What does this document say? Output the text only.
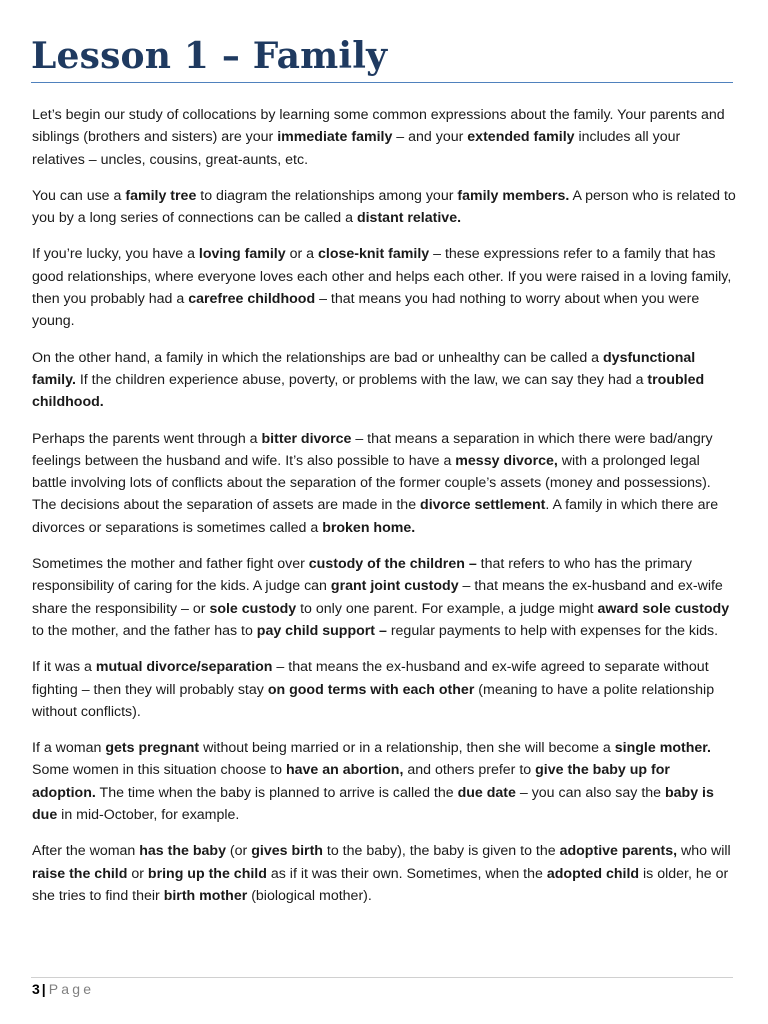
Lesson 1 – Family

Let’s begin our study of collocations by learning some common expressions about the family. Your parents and siblings (brothers and sisters) are your immediate family – and your extended family includes all your relatives – uncles, cousins, great-aunts, etc.

You can use a family tree to diagram the relationships among your family members. A person who is related to you by a long series of connections can be called a distant relative.

If you’re lucky, you have a loving family or a close-knit family – these expressions refer to a family that has good relationships, where everyone loves each other and helps each other. If you were raised in a loving family, then you probably had a carefree childhood – that means you had nothing to worry about when you were young.

On the other hand, a family in which the relationships are bad or unhealthy can be called a dysfunctional family. If the children experience abuse, poverty, or problems with the law, we can say they had a troubled childhood.

Perhaps the parents went through a bitter divorce – that means a separation in which there were bad/angry feelings between the husband and wife. It’s also possible to have a messy divorce, with a prolonged legal battle involving lots of conflicts about the separation of the former couple’s assets (money and possessions). The decisions about the separation of assets are made in the divorce settlement. A family in which there are divorces or separations is sometimes called a broken home.

Sometimes the mother and father fight over custody of the children – that refers to who has the primary responsibility of caring for the kids. A judge can grant joint custody – that means the ex-husband and ex-wife share the responsibility – or sole custody to only one parent. For example, a judge might award sole custody to the mother, and the father has to pay child support – regular payments to help with expenses for the kids.

If it was a mutual divorce/separation – that means the ex-husband and ex-wife agreed to separate without fighting – then they will probably stay on good terms with each other (meaning to have a polite relationship without conflicts).

If a woman gets pregnant without being married or in a relationship, then she will become a single mother. Some women in this situation choose to have an abortion, and others prefer to give the baby up for adoption. The time when the baby is planned to arrive is called the due date – you can also say the baby is due in mid-October, for example.

After the woman has the baby (or gives birth to the baby), the baby is given to the adoptive parents, who will raise the child or bring up the child as if it was their own. Sometimes, when the adopted child is older, he or she tries to find their birth mother (biological mother).

3 | Page
